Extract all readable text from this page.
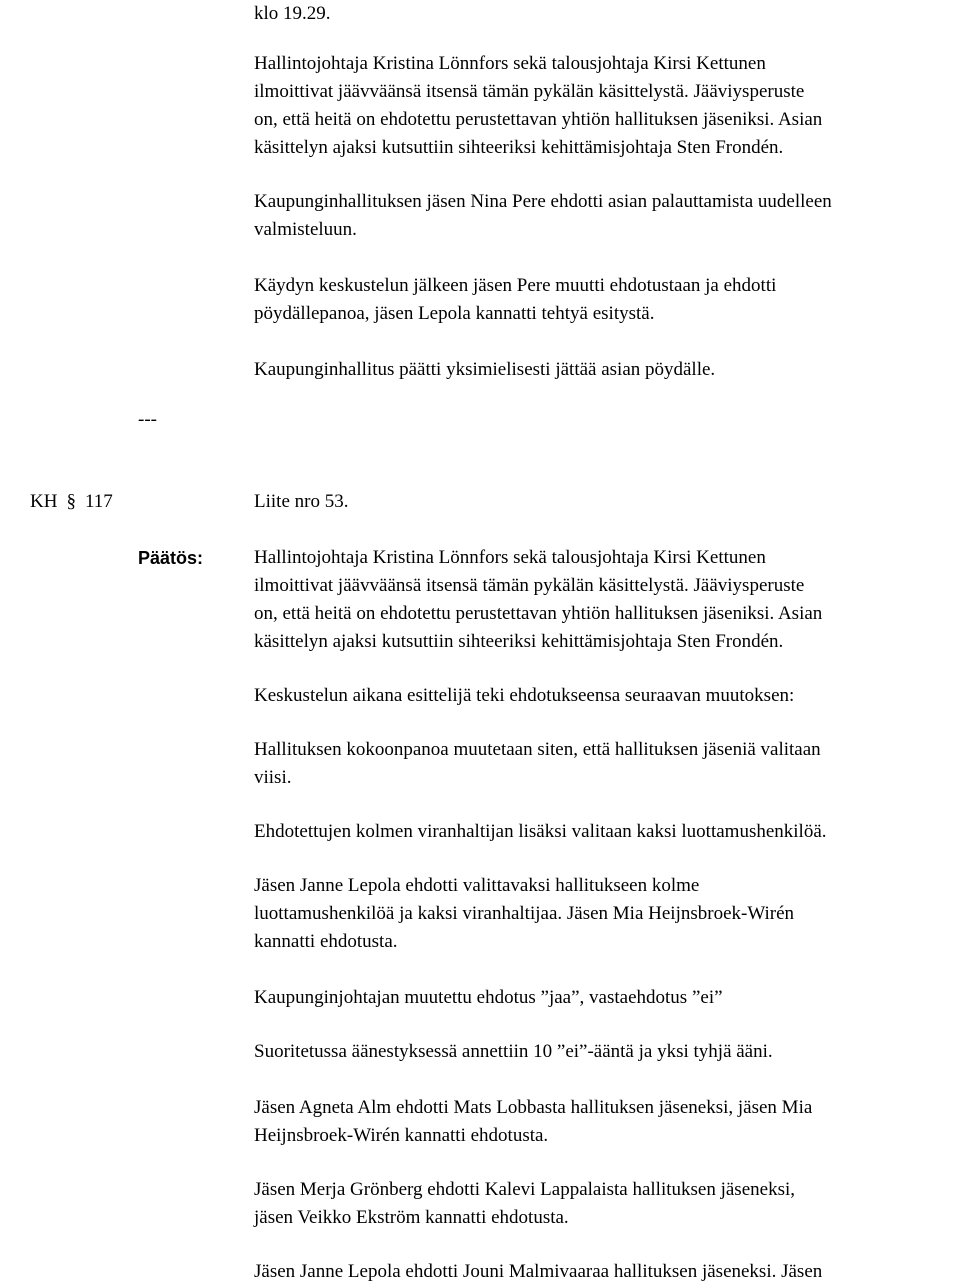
klo 19.29.

Hallintojohtaja Kristina Lönnfors sekä talousjohtaja Kirsi Kettunen
ilmoittivat jäävväänsä itsensä tämän pykälän käsittelystä. Jääviysperuste
on, että heitä on ehdotettu perustettavan yhtiön hallituksen jäseniksi. Asian
käsittelyn ajaksi kutsuttiin sihteeriksi kehittämisjohtaja Sten Frondén.

Kaupunginhallituksen jäsen Nina Pere ehdotti asian palauttamista uudelleen
valmisteluun.

Käydyn keskustelun jälkeen jäsen Pere muutti ehdotustaan ja ehdotti
pöydällepanoa, jäsen Lepola kannatti tehtyä esitystä.

Kaupunginhallitus päätti yksimielisesti jättää asian pöydälle.

---

KH § 117	Liite nro 53.

Päätös:	Hallintojohtaja Kristina Lönnfors sekä talousjohtaja Kirsi Kettunen
ilmoittivat jäävväänsä itsensä tämän pykälän käsittelystä. Jääviysperuste
on, että heitä on ehdotettu perustettavan yhtiön hallituksen jäseniksi. Asian
käsittelyn ajaksi kutsuttiin sihteeriksi kehittämisjohtaja Sten Frondén.

Keskustelun aikana esittelijä teki ehdotukseensa seuraavan muutoksen:

Hallituksen kokoonpanoa muutetaan siten, että hallituksen jäseniä valitaan
viisi.

Ehdotettujen kolmen viranhaltijan lisäksi valitaan kaksi luottamushenkilöä.

Jäsen Janne Lepola ehdotti valittavaksi hallitukseen kolme
luottamushenkilöä ja kaksi viranhaltijaa. Jäsen Mia Heijnsbroek-Wirén
kannatti ehdotusta.

Kaupunginjohtajan muutettu ehdotus ”jaa”, vastaehdotus ”ei”

Suoritetussa äänestyksessä annettiin 10 ”ei”-ääntä ja yksi tyhjä ääni.

Jäsen Agneta Alm ehdotti Mats Lobbasta hallituksen jäseneksi, jäsen Mia
Heijnsbroek-Wirén kannatti ehdotusta.

Jäsen Merja Grönberg ehdotti Kalevi Lappalaista hallituksen jäseneksi,
jäsen Veikko Ekström kannatti ehdotusta.

Jäsen Janne Lepola ehdotti Jouni Malmivaaraa hallituksen jäseneksi. Jäsen
